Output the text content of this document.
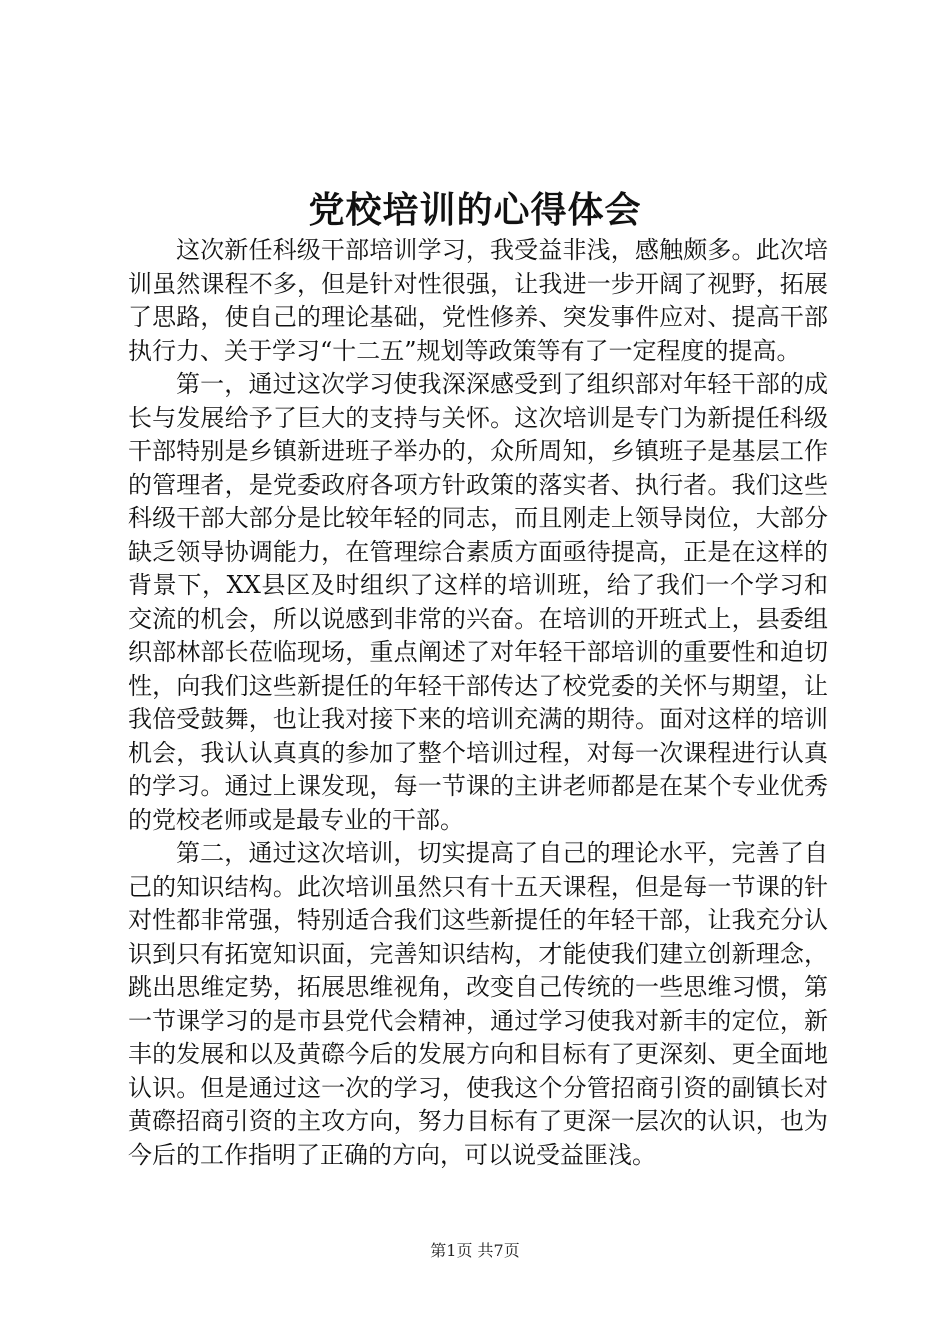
党校培训的心得体会

这次新任科级干部培训学习，我受益非浅，感触颇多。此次培训虽然课程不多，但是针对性很强，让我进一步开阔了视野，拓展了思路，使自己的理论基础，党性修养、突发事件应对、提高干部执行力、关于学习“十二五”规划等政策等有了一定程度的提高。

第一，通过这次学习使我深深感受到了组织部对年轻干部的成长与发展给予了巨大的支持与关怀。这次培训是专门为新提任科级干部特别是乡镇新进班子举办的，众所周知，乡镇班子是基层工作的管理者，是党委政府各项方针政策的落实者、执行者。我们这些科级干部大部分是比较年轻的同志，而且刚走上领导岗位，大部分缺乏领导协调能力，在管理综合素质方面亟待提高，正是在这样的背景下，XX县区及时组织了这样的培训班，给了我们一个学习和交流的机会，所以说感到非常的兴奋。在培训的开班式上，县委组织部林部长莅临现场，重点阐述了对年轻干部培训的重要性和迫切性，向我们这些新提任的年轻干部传达了校党委的关怀与期望，让我倍受鼓舞，也让我对接下来的培训充满的期待。面对这样的培训机会，我认认真真的参加了整个培训过程，对每一次课程进行认真的学习。通过上课发现，每一节课的主讲老师都是在某个专业优秀的党校老师或是最专业的干部。

第二，通过这次培训，切实提高了自己的理论水平，完善了自己的知识结构。此次培训虽然只有十五天课程，但是每一节课的针对性都非常强，特别适合我们这些新提任的年轻干部，让我充分认识到只有拓宽知识面，完善知识结构，才能使我们建立创新理念，跳出思维定势，拓展思维视角，改变自己传统的一些思维习惯，第一节课学习的是市县党代会精神，通过学习使我对新丰的定位，新丰的发展和以及黄磜今后的发展方向和目标有了更深刻、更全面地认识。但是通过这一次的学习，使我这个分管招商引资的副镇长对黄磜招商引资的主攻方向，努力目标有了更深一层次的认识，也为今后的工作指明了正确的方向，可以说受益匪浅。

第1页 共7页
